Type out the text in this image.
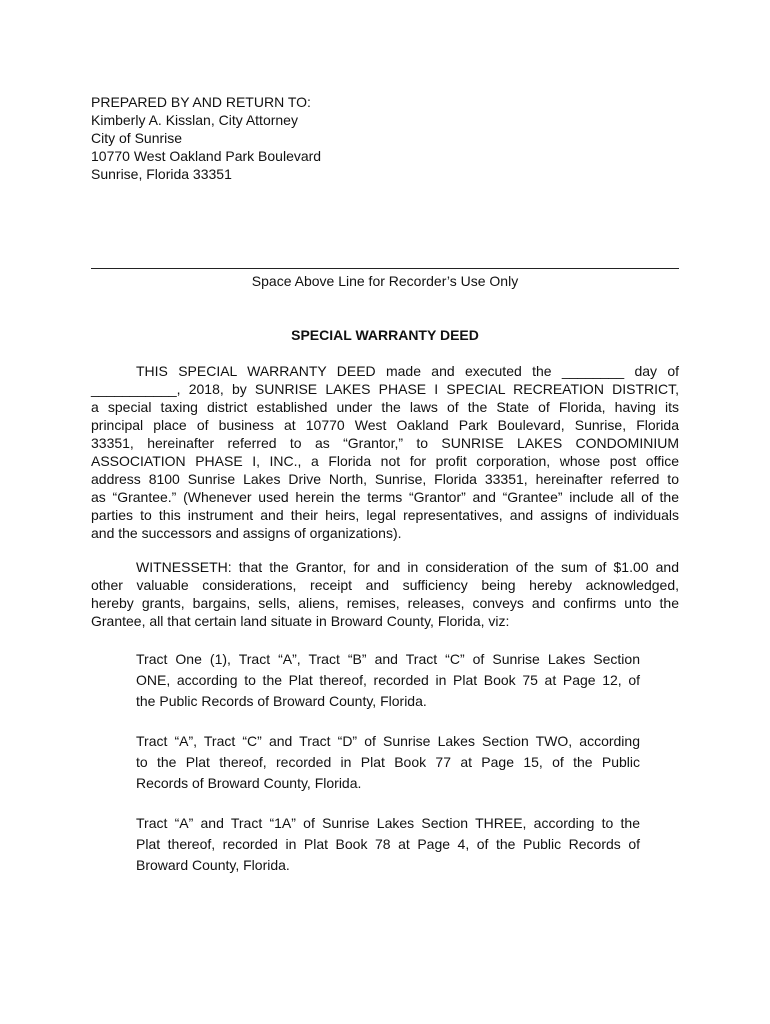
PREPARED BY AND RETURN TO:
Kimberly A. Kisslan, City Attorney
City of Sunrise
10770 West Oakland Park Boulevard
Sunrise, Florida 33351
Space Above Line for Recorder’s Use Only
SPECIAL WARRANTY DEED
THIS SPECIAL WARRANTY DEED made and executed the ________ day of
___________, 2018, by SUNRISE LAKES PHASE I SPECIAL RECREATION DISTRICT,
a special taxing district established under the laws of the State of Florida, having its
principal place of business at 10770 West Oakland Park Boulevard, Sunrise, Florida
33351, hereinafter referred to as “Grantor,” to SUNRISE LAKES CONDOMINIUM
ASSOCIATION PHASE I, INC., a Florida not for profit corporation, whose post office
address 8100 Sunrise Lakes Drive North, Sunrise, Florida 33351, hereinafter referred to
as “Grantee.” (Whenever used herein the terms “Grantor” and “Grantee” include all of the
parties to this instrument and their heirs, legal representatives, and assigns of individuals
and the successors and assigns of organizations).
WITNESSETH: that the Grantor, for and in consideration of the sum of $1.00 and
other valuable considerations, receipt and sufficiency being hereby acknowledged,
hereby grants, bargains, sells, aliens, remises, releases, conveys and confirms unto the
Grantee, all that certain land situate in Broward County, Florida, viz:
Tract One (1), Tract “A”, Tract “B” and Tract “C” of Sunrise Lakes Section
ONE, according to the Plat thereof, recorded in Plat Book 75 at Page 12, of
the Public Records of Broward County, Florida.
Tract “A”, Tract “C” and Tract “D” of Sunrise Lakes Section TWO, according
to the Plat thereof, recorded in Plat Book 77 at Page 15, of the Public
Records of Broward County, Florida.
Tract “A” and Tract “1A” of Sunrise Lakes Section THREE, according to the
Plat thereof, recorded in Plat Book 78 at Page 4, of the Public Records of
Broward County, Florida.
